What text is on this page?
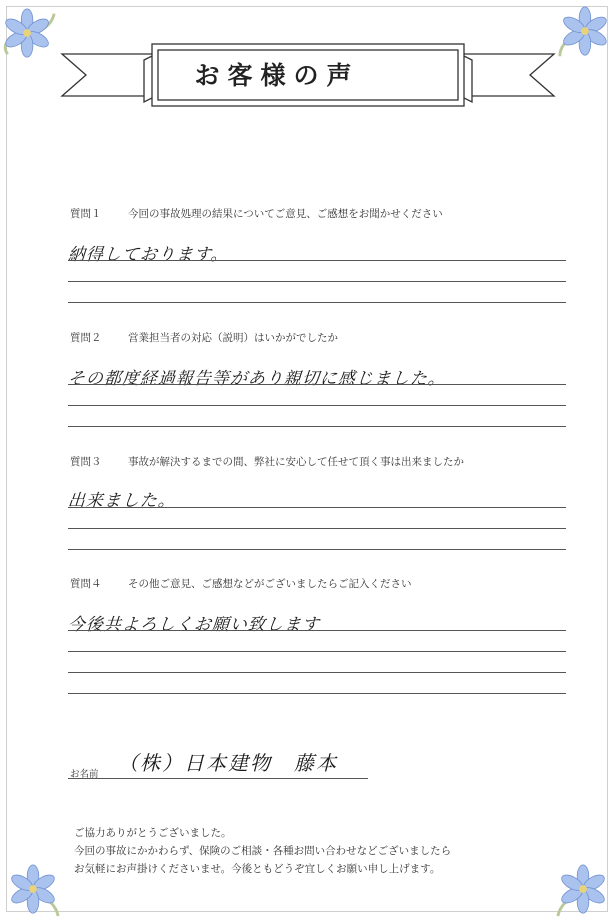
お客様の声
質問１	今回の事故処理の結果についてご意見、ご感想をお聞かせください
納得しております。
質問２	営業担当者の対応（説明）はいかがでしたか
その都度経過報告等があり親切に感じました。
質問３	事故が解決するまでの間、弊社に安心して任せて頂く事は出来ましたか
出来ました。
質問４	その他ご意見、ご感想などがございましたらご記入ください
今後共よろしくお願い致します
お名前 （株）日本建物　藤本
ご協力ありがとうございました。
今回の事故にかかわらず、保険のご相談・各種お問い合わせなどございましたら
お気軽にお声掛けくださいませ。今後ともどうぞ宜しくお願い申し上げます。
